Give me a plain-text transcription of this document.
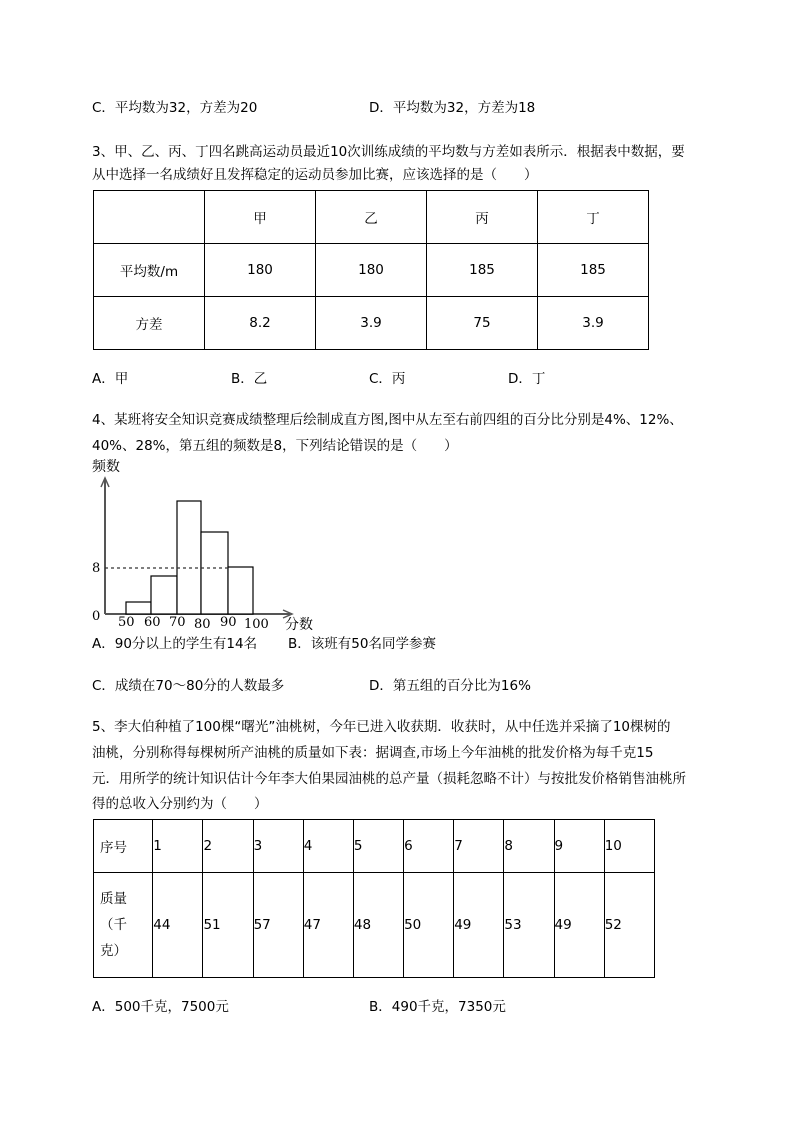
C．平均数为32，方差为20	D．平均数为32，方差为18
3、甲、乙、丙、丁四名跳高运动员最近10次训练成绩的平均数与方差如表所示．根据表中数据，要
从中选择一名成绩好且发挥稳定的运动员参加比赛，应该选择的是（　　）
	甲	乙	丙	丁
平均数/m	180	180	185	185
方差	8.2	3.9	75	3.9
A．甲	B．乙	C．丙	D．丁
4、某班将安全知识竞赛成绩整理后绘制成直方图,图中从左至右前四组的百分比分别是4%、12%、
40%、28%，第五组的频数是8，下列结论错误的是（　　）
频数
8
0 50 60 70 80 90 100 分数
A．90分以上的学生有14名 B．该班有50名同学参赛
C．成绩在70～80分的人数最多	D．第五组的百分比为16%
5、李大伯种植了100棵“曙光”油桃树，今年已进入收获期．收获时，从中任选并采摘了10棵树的
油桃，分别称得每棵树所产油桃的质量如下表：据调查,市场上今年油桃的批发价格为每千克15
元．用所学的统计知识估计今年李大伯果园油桃的总产量（损耗忽略不计）与按批发价格销售油桃所
得的总收入分别约为（　　）
序号	1	2	3	4	5	6	7	8	9	10

质量
（千
克）	44	51	57	47	48	50	49	53	49	52
A．500千克，7500元	B．490千克，7350元
